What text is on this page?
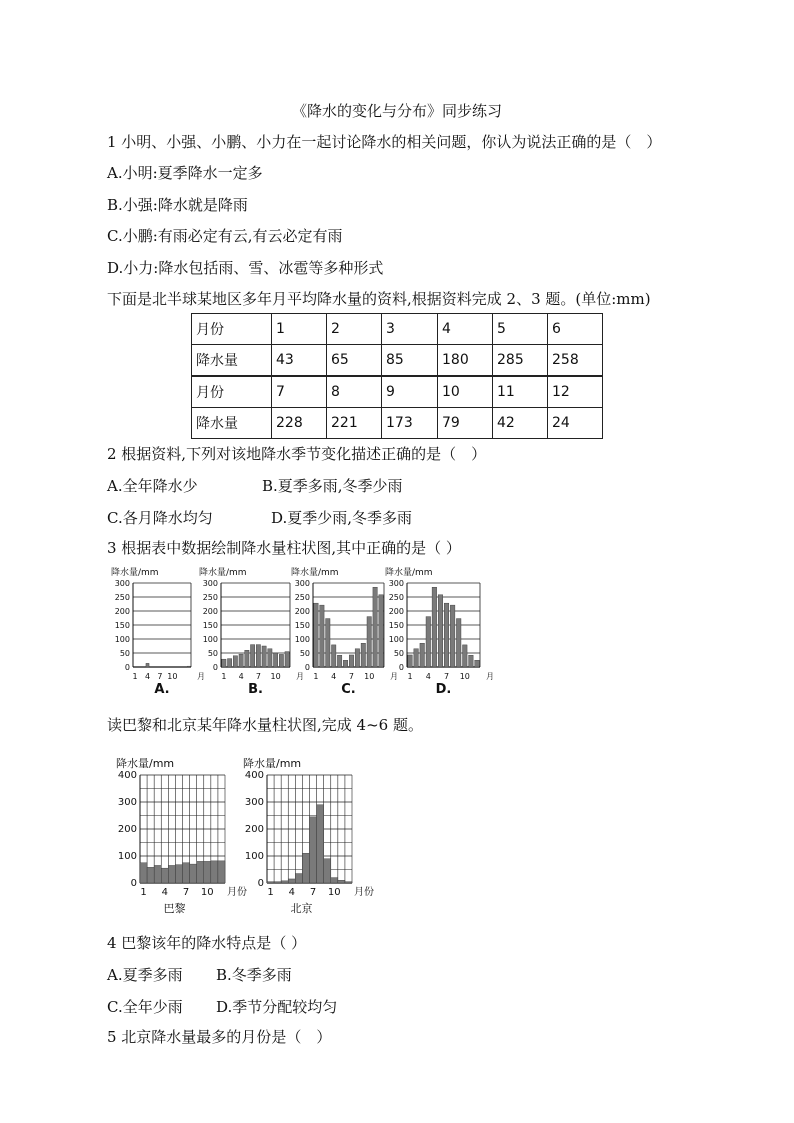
《降水的变化与分布》同步练习
1 小明、小强、小鹏、小力在一起讨论降水的相关问题，你认为说法正确的是（　）
A.小明:夏季降水一定多
B.小强:降水就是降雨
C.小鹏:有雨必定有云,有云必定有雨
D.小力:降水包括雨、雪、冰雹等多种形式
下面是北半球某地区多年月平均降水量的资料,根据资料完成 2、3 题。(单位:mm)
月份	1	2	3	4	5	6
降水量	43	65	85	180	285	258
月份	7	8	9	10	11	12
降水量	228	221	173	79	42	24
2 根据资料,下列对该地降水季节变化描述正确的是（　）
A.全年降水少	B.夏季多雨,冬季少雨
C.各月降水均匀	D.夏季少雨,冬季多雨
3 根据表中数据绘制降水量柱状图,其中正确的是（ ）
降水量/mm
300
250
200
150
100
50
0
1 4 7 10 月
A.
降水量/mm
300
250
200
150
100
50
0
1 4 7 10 月
B.
降水量/mm
300
250
200
150
100
50
0
1 4 7 10 月
C.
降水量/mm
300
250
200
150
100
50
0
1 4 7 10 月
D.
降水量/mm
400
300
200
100
0
1 4 7 10 月份
巴黎
降水量/mm
400
300
200
100
0
1 4 7 10 月份
北京
读巴黎和北京某年降水量柱状图,完成 4~6 题。
4 巴黎该年的降水特点是（ ）
A.夏季多雨 B.冬季多雨
C.全年少雨 D.季节分配较均匀
5 北京降水量最多的月份是（　）
